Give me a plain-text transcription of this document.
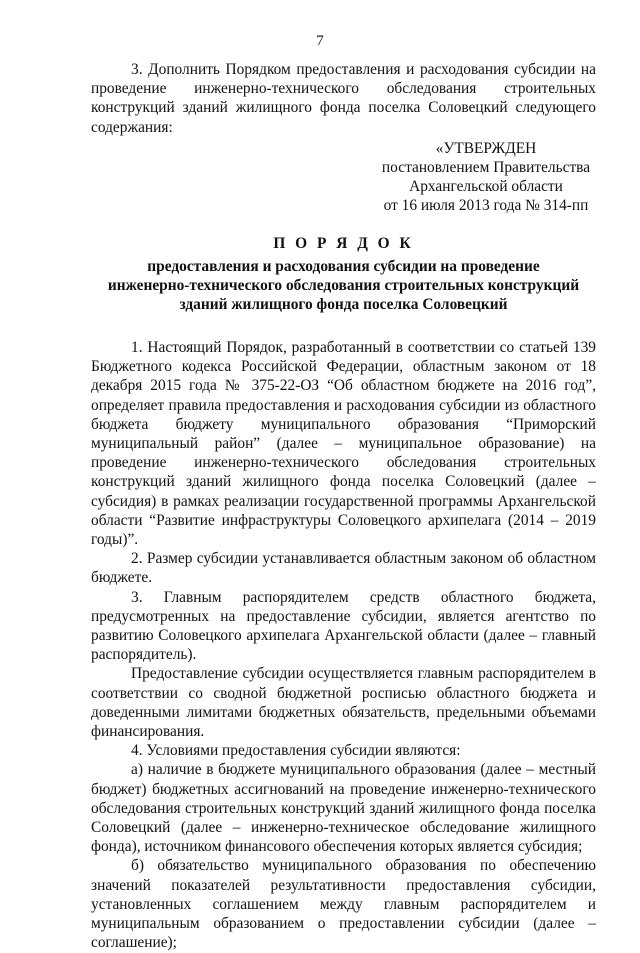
7

3. Дополнить Порядком предоставления и расходования субсидии на проведение инженерно-технического обследования строительных конструкций зданий жилищного фонда поселка Соловецкий следующего содержания:

«УТВЕРЖДЕН
постановлением Правительства
Архангельской области
от 16 июля 2013 года № 314-пп
П О Р Я Д О К
предоставления и расходования субсидии на проведение
инженерно-технического обследования строительных конструкций
зданий жилищного фонда поселка Соловецкий

1. Настоящий Порядок, разработанный в соответствии со статьей 139 Бюджетного кодекса Российской Федерации, областным законом от 18 декабря 2015 года № 375-22-ОЗ “Об областном бюджете на 2016 год”, определяет правила предоставления и расходования субсидии из областного бюджета бюджету муниципального образования “Приморский муниципальный район” (далее – муниципальное образование) на проведение инженерно-технического обследования строительных конструкций зданий жилищного фонда поселка Соловецкий (далее – субсидия) в рамках реализации государственной программы Архангельской области “Развитие инфраструктуры Соловецкого архипелага (2014 – 2019 годы)”.

2. Размер субсидии устанавливается областным законом об областном бюджете.

3. Главным распорядителем средств областного бюджета, предусмотренных на предоставление субсидии, является агентство по развитию Соловецкого архипелага Архангельской области (далее – главный распорядитель).

Предоставление субсидии осуществляется главным распорядителем в соответствии со сводной бюджетной росписью областного бюджета и доведенными лимитами бюджетных обязательств, предельными объемами финансирования.

4. Условиями предоставления субсидии являются:

а) наличие в бюджете муниципального образования (далее – местный бюджет) бюджетных ассигнований на проведение инженерно-технического обследования строительных конструкций зданий жилищного фонда поселка Соловецкий (далее – инженерно-техническое обследование жилищного фонда), источником финансового обеспечения которых является субсидия;

б) обязательство муниципального образования по обеспечению значений показателей результативности предоставления субсидии, установленных соглашением между главным распорядителем и муниципальным образованием о предоставлении субсидии (далее – соглашение);
